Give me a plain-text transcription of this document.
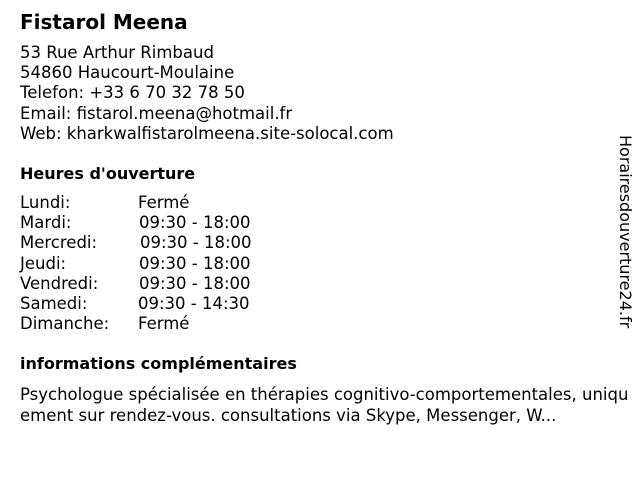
Fistarol Meena
53 Rue Arthur Rimbaud
54860 Haucourt-Moulaine
Telefon: +33 6 70 32 78 50
Email: fistarol.meena@hotmail.fr
Web: kharkwalfistarolmeena.site-solocal.com
Heures d'ouverture
Lundi:	Fermé
Mardi:	09:30 - 18:00
Mercredi:	09:30 - 18:00
Jeudi:	09:30 - 18:00
Vendredi: 09:30 - 18:00
Samedi:	09:30 - 14:30
Dimanche: Fermé
informations complémentaires
Psychologue spécialisée en thérapies cognitivo-comportementales, uniquement sur rendez-vous. consultations via Skype, Messenger, W...
Horairesdouverture24.fr
